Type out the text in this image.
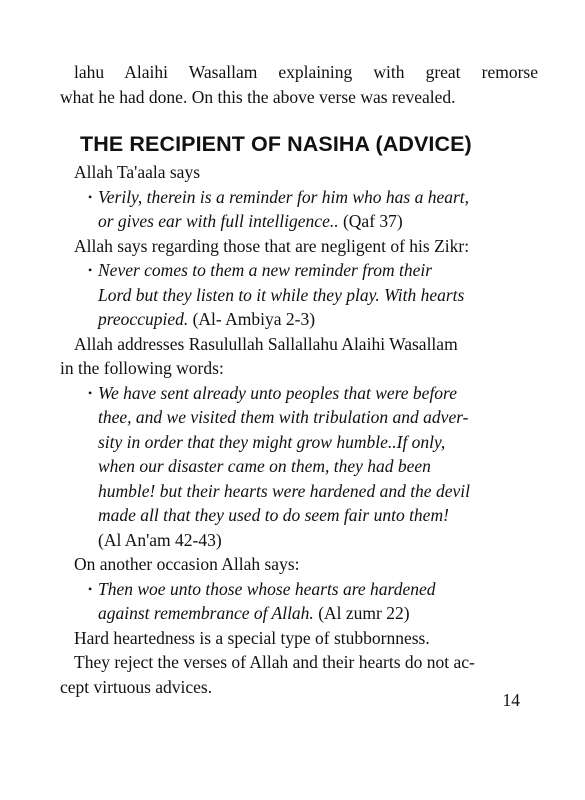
lahu Alaihi Wasallam explaining with great remorse
what he had done. On this the above verse was revealed.
THE RECIPIENT OF NASIHA (ADVICE)
Allah Ta'aala says
• Verily, therein is a reminder for him who has a heart,
or gives ear with full intelligence.. (Qaf 37)
Allah says regarding those that are negligent of his Zikr:
• Never comes to them a new reminder from their
Lord but they listen to it while they play. With hearts
preoccupied. (Al- Ambiya 2-3)
Allah addresses Rasulullah Sallallahu Alaihi Wasallam
in the following words:
• We have sent already unto peoples that were before
thee, and we visited them with tribulation and adver-
sity in order that they might grow humble..If only,
when our disaster came on them, they had been
humble! but their hearts were hardened and the devil
made all that they used to do seem fair unto them!
(Al An'am 42-43)
On another occasion Allah says:
• Then woe unto those whose hearts are hardened
against remembrance of Allah. (Al zumr 22)
Hard heartedness is a special type of stubbornness.
They reject the verses of Allah and their hearts do not ac-
cept virtuous advices.
14
